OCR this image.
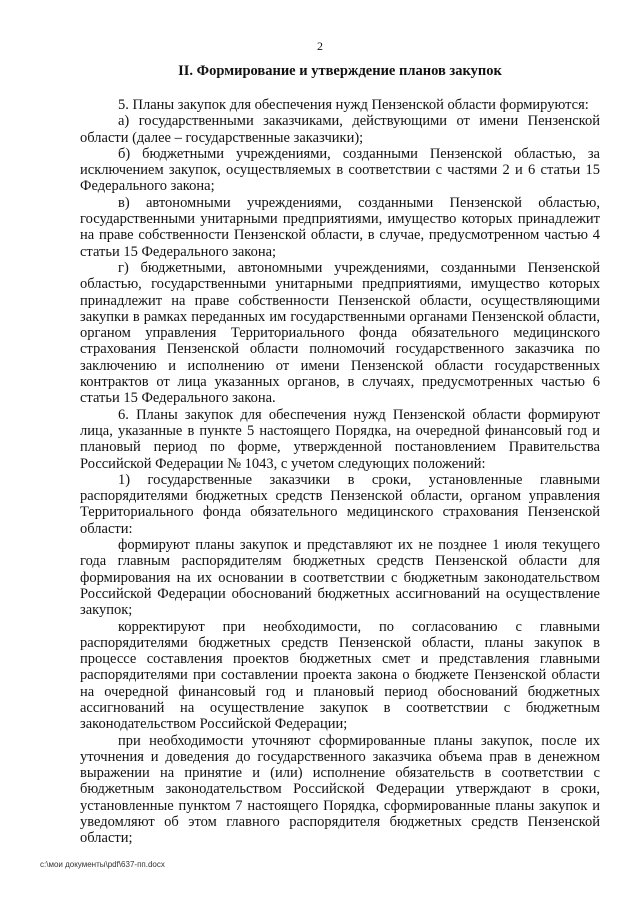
2
II. Формирование и утверждение планов закупок

5. Планы закупок для обеспечения нужд Пензенской области формируются:

а) государственными заказчиками, действующими от имени Пензенской области (далее – государственные заказчики);

б) бюджетными учреждениями, созданными Пензенской областью, за исключением закупок, осуществляемых в соответствии с частями 2 и 6 статьи 15 Федерального закона;

в) автономными учреждениями, созданными Пензенской областью, государственными унитарными предприятиями, имущество которых принадлежит на праве собственности Пензенской области, в случае, предусмотренном частью 4 статьи 15 Федерального закона;

г) бюджетными, автономными учреждениями, созданными Пензенской областью, государственными унитарными предприятиями, имущество которых принадлежит на праве собственности Пензенской области, осуществляющими закупки в рамках переданных им государственными органами Пензенской области, органом управления Территориального фонда обязательного медицинского страхования Пензенской области полномочий государственного заказчика по заключению и исполнению от имени Пензенской области государственных контрактов от лица указанных органов, в случаях, предусмотренных частью 6 статьи 15 Федерального закона.

6. Планы закупок для обеспечения нужд Пензенской области формируют лица, указанные в пункте 5 настоящего Порядка, на очередной финансовый год и плановый период по форме, утвержденной постановлением Правительства Российской Федерации № 1043, с учетом следующих положений:

1) государственные заказчики в сроки, установленные главными распорядителями бюджетных средств Пензенской области, органом управления Территориального фонда обязательного медицинского страхования Пензенской области:

формируют планы закупок и представляют их не позднее 1 июля текущего года главным распорядителям бюджетных средств Пензенской области для формирования на их основании в соответствии с бюджетным законодательством Российской Федерации обоснований бюджетных ассигнований на осуществление закупок;

корректируют при необходимости, по согласованию с главными распорядителями бюджетных средств Пензенской области, планы закупок в процессе составления проектов бюджетных смет и представления главными распорядителями при составлении проекта закона о бюджете Пензенской области на очередной финансовый год и плановый период обоснований бюджетных ассигнований на осуществление закупок в соответствии с бюджетным законодательством Российской Федерации;

при необходимости уточняют сформированные планы закупок, после их уточнения и доведения до государственного заказчика объема прав в денежном выражении на принятие и (или) исполнение обязательств в соответствии с бюджетным законодательством Российской Федерации утверждают в сроки, установленные пунктом 7 настоящего Порядка, сформированные планы закупок и уведомляют об этом главного распорядителя бюджетных средств Пензенской области;

c:\мои документы\pdf\637-пп.docx
